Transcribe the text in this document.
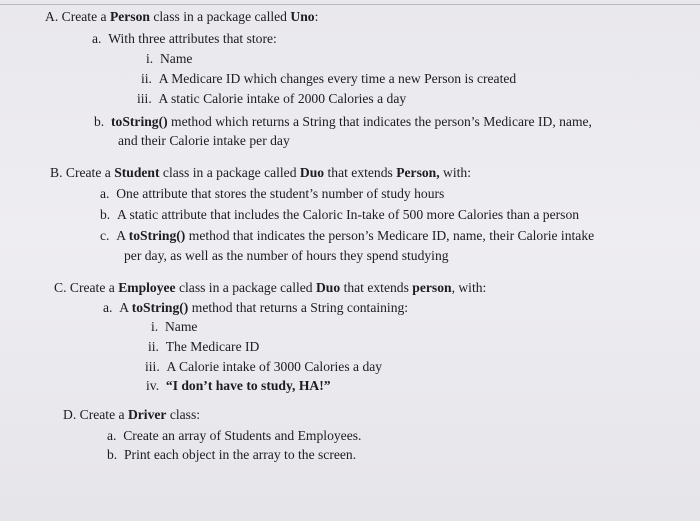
A. Create a Person class in a package called Uno:
a. With three attributes that store:
i. Name
ii. A Medicare ID which changes every time a new Person is created
iii. A static Calorie intake of 2000 Calories a day
b. toString() method which returns a String that indicates the person’s Medicare ID, name,
and their Calorie intake per day
B. Create a Student class in a package called Duo that extends Person, with:
a. One attribute that stores the student’s number of study hours
b. A static attribute that includes the Caloric In-take of 500 more Calories than a person
c. A toString() method that indicates the person’s Medicare ID, name, their Calorie intake
per day, as well as the number of hours they spend studying
C. Create a Employee class in a package called Duo that extends person, with:
a. A toString() method that returns a String containing:
i. Name
ii. The Medicare ID
iii. A Calorie intake of 3000 Calories a day
iv. “I don’t have to study, HA!”
D. Create a Driver class:
a. Create an array of Students and Employees.
b. Print each object in the array to the screen.
